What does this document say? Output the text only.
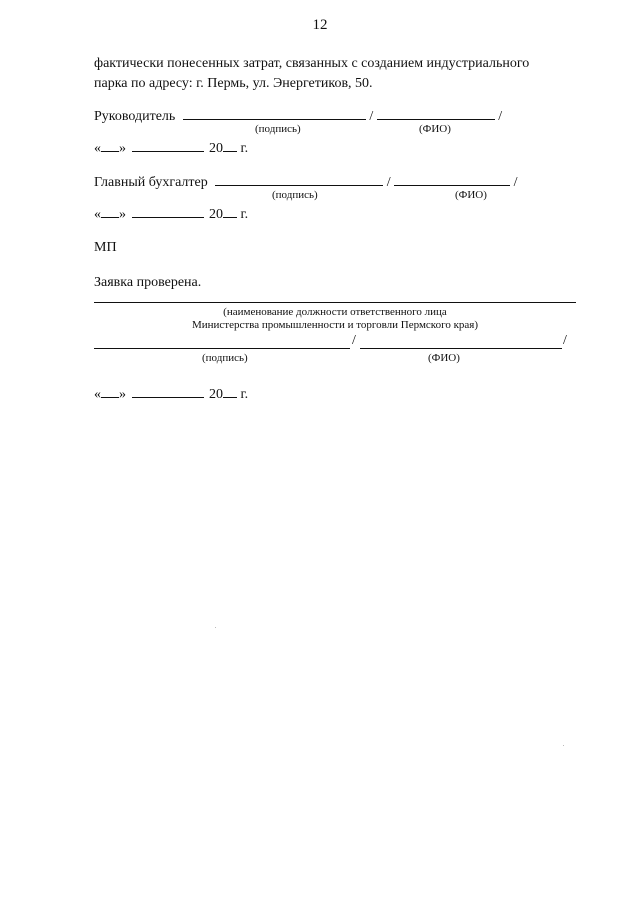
12
фактически понесенных затрат, связанных с созданием индустриального
парка по адресу: г. Пермь, ул. Энергетиков, 50.
Руководитель	/	/
(подпись)	(ФИО)
« »	20 г.
Главный бухгалтер	/	/
(подпись)	(ФИО)
« »	20 г.
МП
Заявка проверена.
(наименование должности ответственного лица
Министерства промышленности и торговли Пермского края)
/	/
(подпись)	(ФИО)
« »	20 г.
